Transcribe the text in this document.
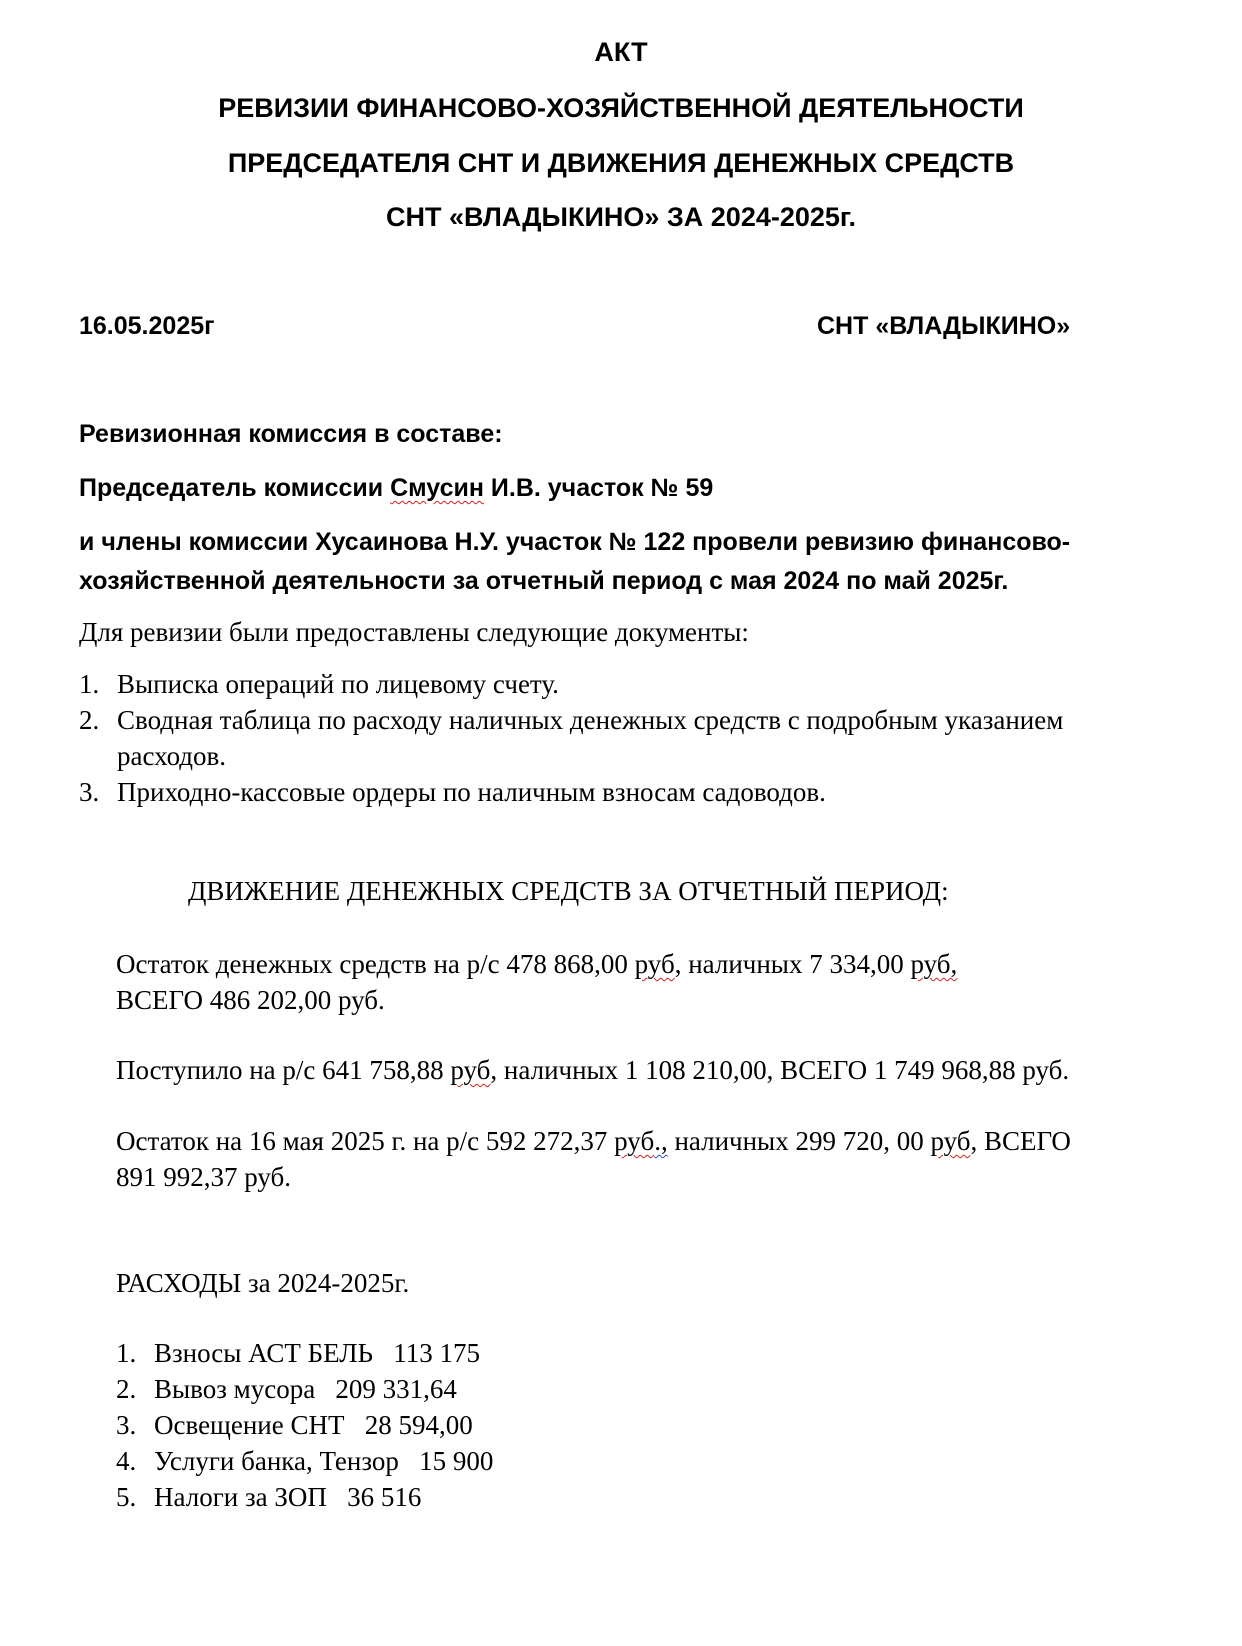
АКТ
РЕВИЗИИ ФИНАНСОВО-ХОЗЯЙСТВЕННОЙ ДЕЯТЕЛЬНОСТИ
ПРЕДСЕДАТЕЛЯ СНТ И ДВИЖЕНИЯ ДЕНЕЖНЫХ СРЕДСТВ
СНТ «ВЛАДЫКИНО» ЗА 2024-2025г.
16.05.2025г	СНТ «ВЛАДЫКИНО»
Ревизионная комиссия в составе:
Председатель комиссии Смусин И.В. участок № 59
и члены комиссии Хусаинова Н.У. участок № 122 провели ревизию финансово-
хозяйственной деятельности за отчетный период с мая 2024 по май 2025г.
Для ревизии были предоставлены следующие документы:
1. Выписка операций по лицевому счету.
2. Сводная таблица по расходу наличных денежных средств с подробным указанием
расходов.
3. Приходно-кассовые ордеры по наличным взносам садоводов.
ДВИЖЕНИЕ ДЕНЕЖНЫХ СРЕДСТВ ЗА ОТЧЕТНЫЙ ПЕРИОД:
Остаток денежных средств на р/с 478 868,00 руб, наличных 7 334,00 руб,
ВСЕГО 486 202,00 руб.
Поступило на р/с 641 758,88 руб, наличных 1 108 210,00, ВСЕГО 1 749 968,88 руб.
Остаток на 16 мая 2025 г. на р/с 592 272,37 руб., наличных 299 720, 00 руб, ВСЕГО
891 992,37 руб.
РАСХОДЫ за 2024-2025г.
1. Взносы АСТ БЕЛЬ   113 175
2. Вывоз мусора   209 331,64
3. Освещение СНТ   28 594,00
4. Услуги банка, Тензор   15 900
5. Налоги за ЗОП   36 516
